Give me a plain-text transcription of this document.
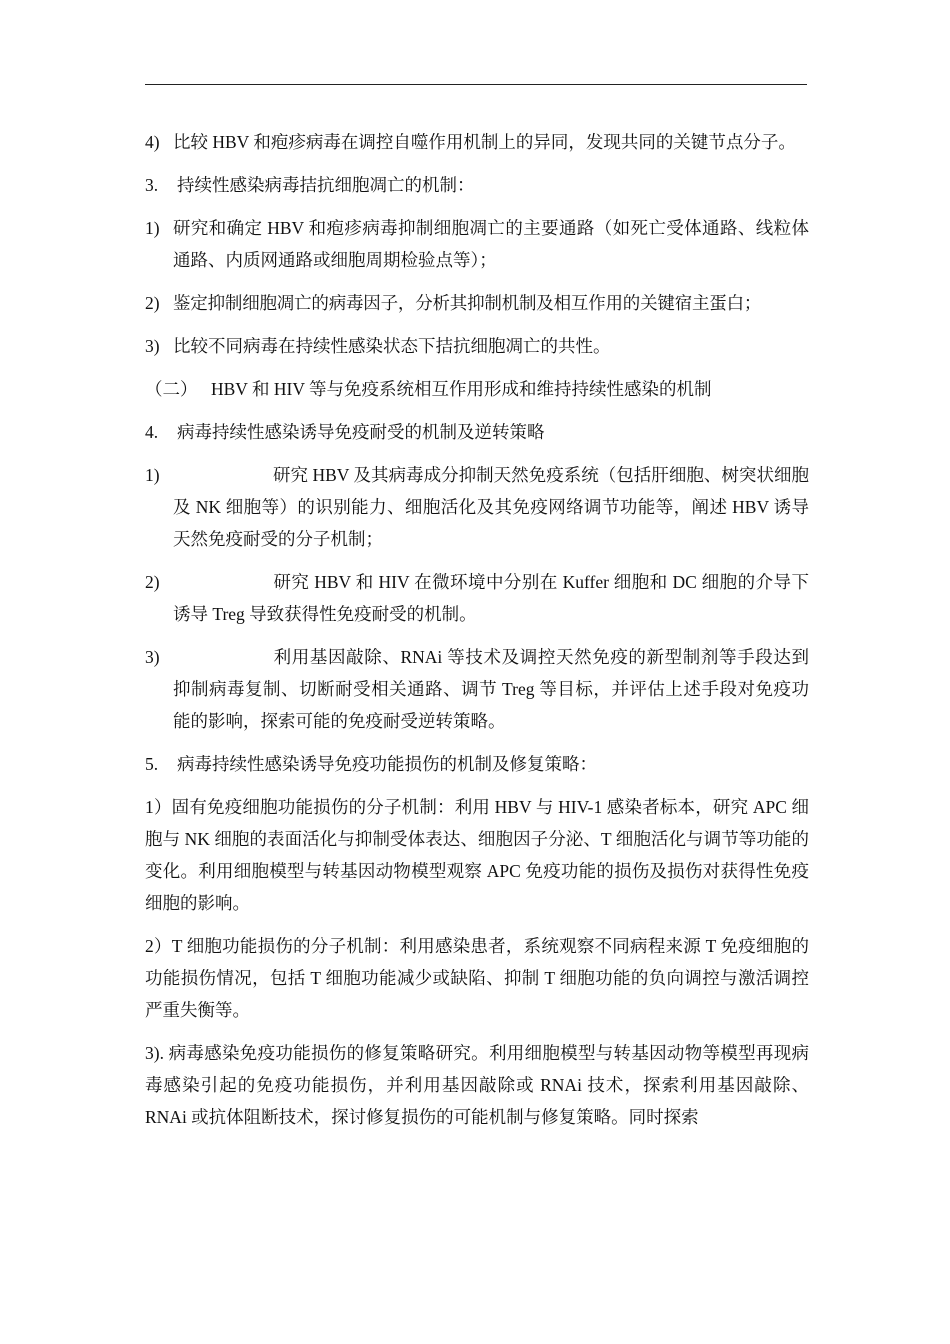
4) 比较 HBV 和疱疹病毒在调控自噬作用机制上的异同，发现共同的关键节点分子。
3. 持续性感染病毒拮抗细胞凋亡的机制：
1) 研究和确定 HBV 和疱疹病毒抑制细胞凋亡的主要通路（如死亡受体通路、线粒体通路、内质网通路或细胞周期检验点等）；
2) 鉴定抑制细胞凋亡的病毒因子，分析其抑制机制及相互作用的关键宿主蛋白；
3) 比较不同病毒在持续性感染状态下拮抗细胞凋亡的共性。
（二） HBV 和 HIV 等与免疫系统相互作用形成和维持持续性感染的机制
4. 病毒持续性感染诱导免疫耐受的机制及逆转策略
1)	研究 HBV 及其病毒成分抑制天然免疫系统（包括肝细胞、树突状细胞及 NK 细胞等）的识别能力、细胞活化及其免疫网络调节功能等，阐述 HBV 诱导天然免疫耐受的分子机制；
2)	研究 HBV 和 HIV 在微环境中分别在 Kuffer 细胞和 DC 细胞的介导下诱导 Treg 导致获得性免疫耐受的机制。
3)	利用基因敲除、RNAi 等技术及调控天然免疫的新型制剂等手段达到抑制病毒复制、切断耐受相关通路、调节 Treg 等目标，并评估上述手段对免疫功能的影响，探索可能的免疫耐受逆转策略。
5. 病毒持续性感染诱导免疫功能损伤的机制及修复策略：

1）固有免疫细胞功能损伤的分子机制：利用 HBV 与 HIV-1 感染者标本，研究 APC 细胞与 NK 细胞的表面活化与抑制受体表达、细胞因子分泌、T 细胞活化与调节等功能的变化。利用细胞模型与转基因动物模型观察 APC 免疫功能的损伤及损伤对获得性免疫细胞的影响。

2）T 细胞功能损伤的分子机制：利用感染患者，系统观察不同病程来源 T 免疫细胞的功能损伤情况，包括 T 细胞功能减少或缺陷、抑制 T 细胞功能的负向调控与激活调控严重失衡等。

3). 病毒感染免疫功能损伤的修复策略研究。利用细胞模型与转基因动物等模型再现病毒感染引起的免疫功能损伤，并利用基因敲除或 RNAi 技术，探索利用基因敲除、RNAi 或抗体阻断技术，探讨修复损伤的可能机制与修复策略。同时探索
